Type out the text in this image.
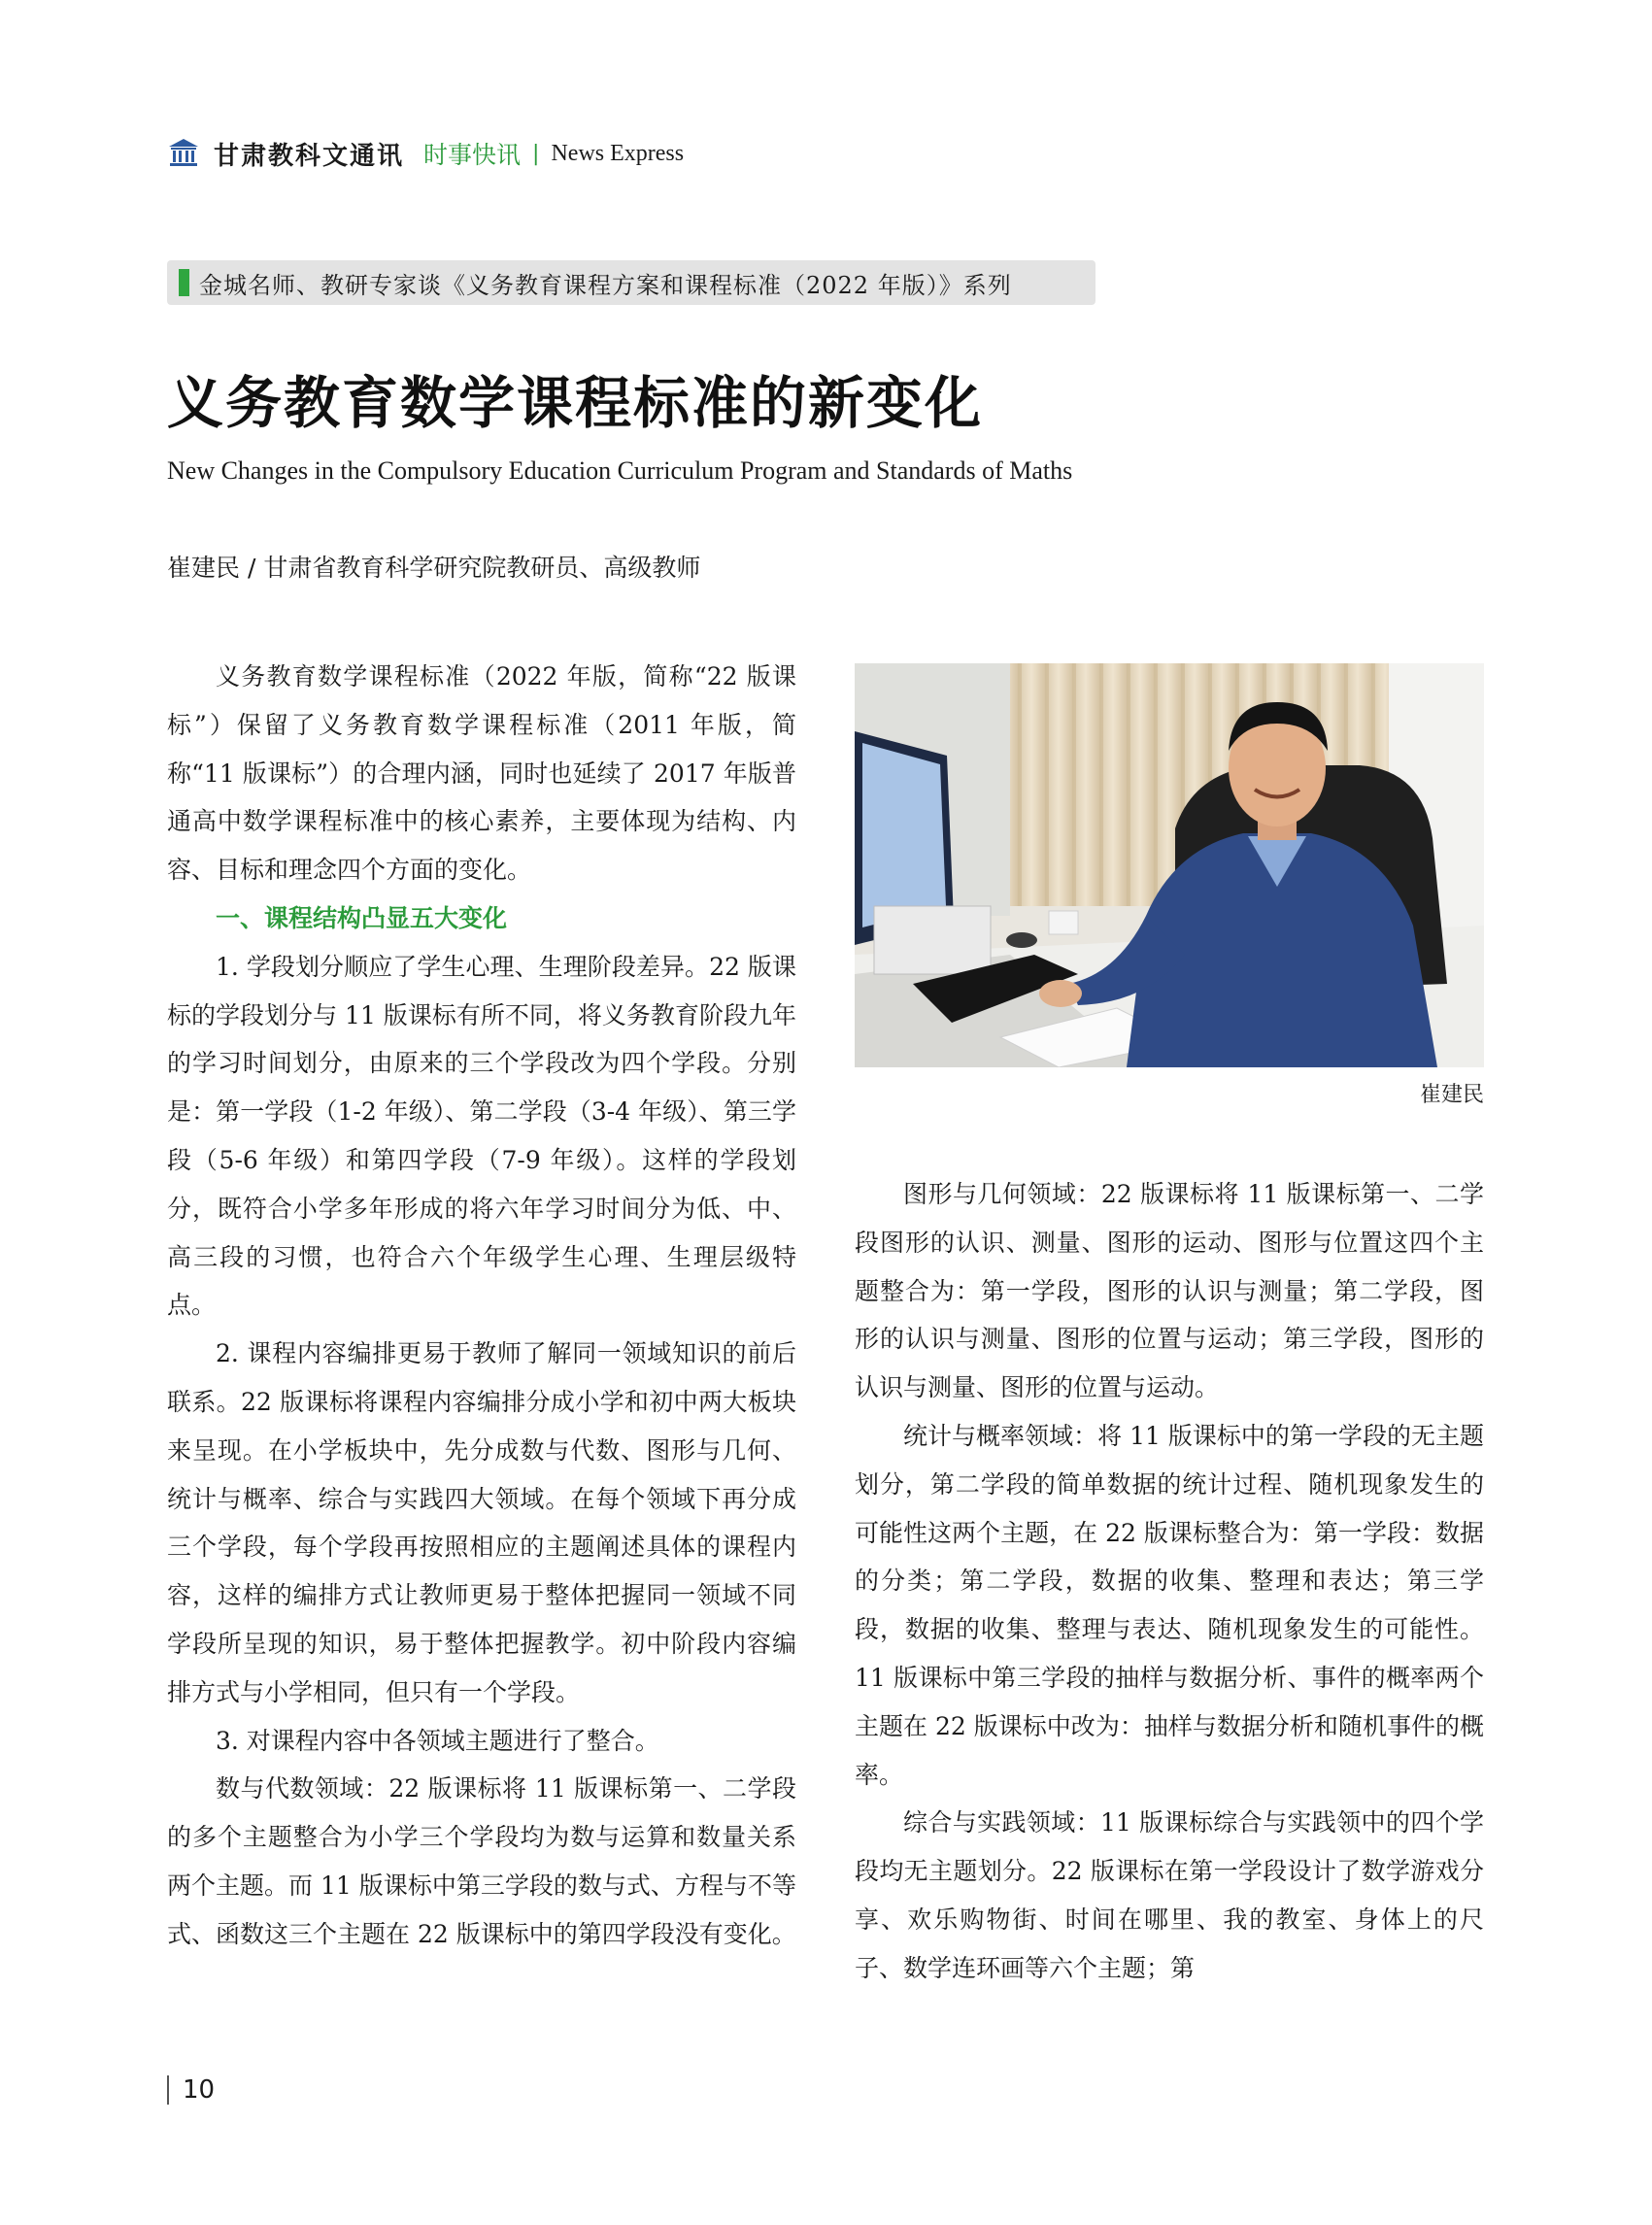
甘肃教科文通讯 时事快讯 | News Express
金城名师、教研专家谈《义务教育课程方案和课程标准（2022 年版）》系列
义务教育数学课程标准的新变化
New Changes in the Compulsory Education Curriculum Program and Standards of Maths
崔建民 / 甘肃省教育科学研究院教研员、高级教师

义务教育数学课程标准（2022 年版，简称“22 版课标”）保留了义务教育数学课程标准（2011 年版，简称“11 版课标”）的合理内涵，同时也延续了 2017 年版普通高中数学课程标准中的核心素养，主要体现为结构、内容、目标和理念四个方面的变化。

一、课程结构凸显五大变化

1. 学段划分顺应了学生心理、生理阶段差异。22 版课标的学段划分与 11 版课标有所不同，将义务教育阶段九年的学习时间划分，由原来的三个学段改为四个学段。分别是：第一学段（1-2 年级）、第二学段（3-4 年级）、第三学段（5-6 年级）和第四学段（7-9 年级）。这样的学段划分，既符合小学多年形成的将六年学习时间分为低、中、高三段的习惯，也符合六个年级学生心理、生理层级特点。

2. 课程内容编排更易于教师了解同一领域知识的前后联系。22 版课标将课程内容编排分成小学和初中两大板块来呈现。在小学板块中，先分成数与代数、图形与几何、统计与概率、综合与实践四大领域。在每个领域下再分成三个学段，每个学段再按照相应的主题阐述具体的课程内容，这样的编排方式让教师更易于整体把握同一领域不同学段所呈现的知识，易于整体把握教学。初中阶段内容编排方式与小学相同，但只有一个学段。

3. 对课程内容中各领域主题进行了整合。

数与代数领域：22 版课标将 11 版课标第一、二学段的多个主题整合为小学三个学段均为数与运算和数量关系两个主题。而 11 版课标中第三学段的数与式、方程与不等式、函数这三个主题在 22 版课标中的第四学段没有变化。

崔建民

图形与几何领域：22 版课标将 11 版课标第一、二学段图形的认识、测量、图形的运动、图形与位置这四个主题整合为：第一学段，图形的认识与测量；第二学段，图形的认识与测量、图形的位置与运动；第三学段，图形的认识与测量、图形的位置与运动。

统计与概率领域：将 11 版课标中的第一学段的无主题划分，第二学段的简单数据的统计过程、随机现象发生的可能性这两个主题，在 22 版课标整合为：第一学段：数据的分类；第二学段，数据的收集、整理和表达；第三学段，数据的收集、整理与表达、随机现象发生的可能性。11 版课标中第三学段的抽样与数据分析、事件的概率两个主题在 22 版课标中改为：抽样与数据分析和随机事件的概率。

综合与实践领域：11 版课标综合与实践领中的四个学段均无主题划分。22 版课标在第一学段设计了数学游戏分享、欢乐购物街、时间在哪里、我的教室、身体上的尺子、数学连环画等六个主题；第

10
